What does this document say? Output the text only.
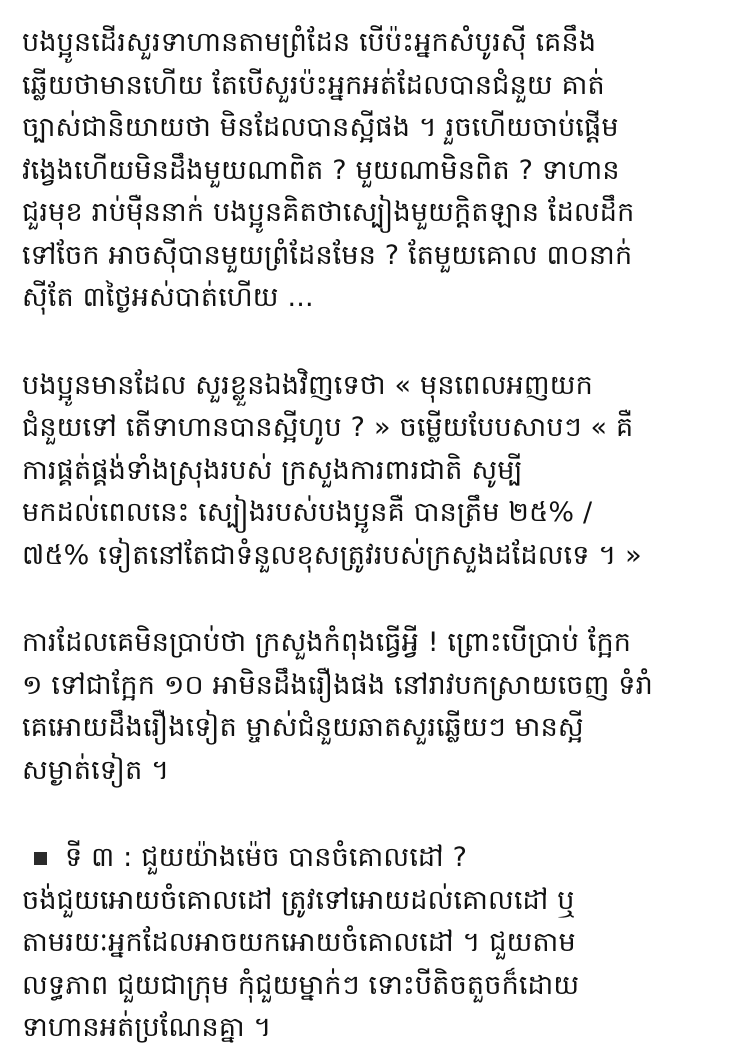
បងប្អូនដើរសួរទាហានតាមព្រំដែន បើប៉ះអ្នកសំបូរស៊ី គេនឹង
ឆ្លើយថាមានហើយ តែបើសួរប៉ះអ្នកអត់ដែលបានជំនួយ គាត់
ច្បាស់ជានិយាយថា មិនដែលបានស្អីផង ។ រួចហើយចាប់ផ្តើម
វង្វេងហើយមិនដឹងមួយណាពិត ? មួយណាមិនពិត ? ទាហាន
ជួរមុខ រាប់ម៉ឺននាក់ បងប្អូនគិតថាស្បៀងមួយក្តិតឡាន ដែលដឹក
ទៅចែក អាចស៊ីបានមួយព្រំដែនមែន ? តែមួយគោល ៣០នាក់
ស៊ីតែ ៣ថ្ងៃអស់បាត់ហើយ ...
បងប្អូនមានដែល សួរខ្លួនឯងវិញទេថា « មុនពេលអញយក
ជំនួយទៅ តើទាហានបានស្អីហូប ? » ចម្លើយបែបសាបៗ « គឺ
ការផ្គត់ផ្គង់ទាំងស្រុងរបស់ ក្រសួងការពារជាតិ សូម្បី
មកដល់ពេលនេះ ស្បៀងរបស់បងប្អូនគឺ បានត្រឹម ២៥% /
៧៥% ទៀតនៅតែជាទំនួលខុសត្រូវរបស់ក្រសួងដដែលទេ ។ »
ការដែលគេមិនប្រាប់ថា ក្រសួងកំពុងធ្វើអ្វី ! ព្រោះបើប្រាប់ ក្អែក
១ ទៅជាក្អែក ១០ អាមិនដឹងរឿងផង នៅរាវបកស្រាយចេញ ទំរាំ
គេអោយដឹងរឿងទៀត ម្ចាស់ជំនួយឆាតសួរឆ្លើយៗ មានស្អី
សម្ងាត់ទៀត ។
ទី ៣ : ជួយយ៉ាងម៉េច បានចំគោលដៅ ?
ចង់ជួយអោយចំគោលដៅ ត្រូវទៅអោយដល់គោលដៅ ឬ
តាមរយៈអ្នកដែលអាចយកអោយចំគោលដៅ ។ ជួយតាម
លទ្ធភាព ជួយជាក្រុម កុំជួយម្នាក់ៗ ទោះបីតិចតួចក៏ដោយ
ទាហានអត់ប្រណែនគ្នា ។
